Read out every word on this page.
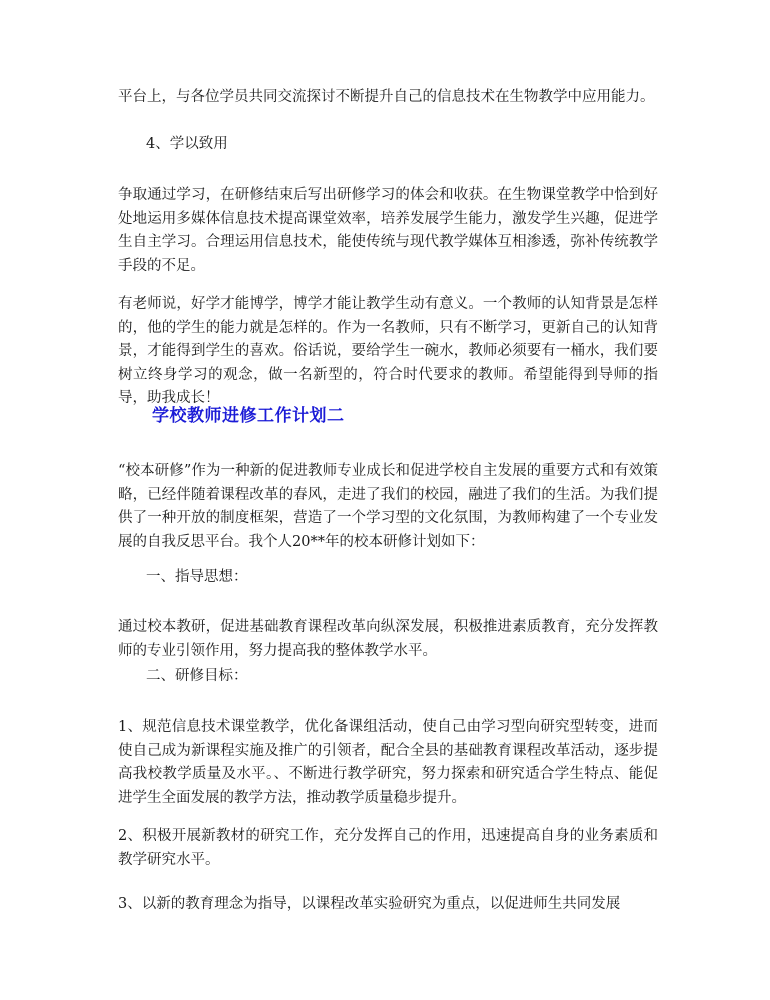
平台上，与各位学员共同交流探讨不断提升自己的信息技术在生物教学中应用能力。

4、学以致用

争取通过学习，在研修结束后写出研修学习的体会和收获。在生物课堂教学中恰到好处地运用多媒体信息技术提高课堂效率，培养发展学生能力，激发学生兴趣，促进学生自主学习。合理运用信息技术，能使传统与现代教学媒体互相渗透，弥补传统教学手段的不足。

有老师说，好学才能博学，博学才能让教学生动有意义。一个教师的认知背景是怎样的，他的学生的能力就是怎样的。作为一名教师，只有不断学习，更新自己的认知背景，才能得到学生的喜欢。俗话说，要给学生一碗水，教师必须要有一桶水，我们要树立终身学习的观念，做一名新型的，符合时代要求的教师。希望能得到导师的指导，助我成长！

学校教师进修工作计划二

“校本研修”作为一种新的促进教师专业成长和促进学校自主发展的重要方式和有效策略，已经伴随着课程改革的春风，走进了我们的校园，融进了我们的生活。为我们提供了一种开放的制度框架，营造了一个学习型的文化氛围，为教师构建了一个专业发展的自我反思平台。我个人20**年的校本研修计划如下：

一、指导思想：

通过校本教研，促进基础教育课程改革向纵深发展，积极推进素质教育，充分发挥教师的专业引领作用，努力提高我的整体教学水平。

二、研修目标：

1、规范信息技术课堂教学，优化备课组活动，使自己由学习型向研究型转变，进而使自己成为新课程实施及推广的引领者，配合全县的基础教育课程改革活动，逐步提高我校教学质量及水平。、不断进行教学研究，努力探索和研究适合学生特点、能促进学生全面发展的教学方法，推动教学质量稳步提升。

2、积极开展新教材的研究工作，充分发挥自己的作用，迅速提高自身的业务素质和教学研究水平。

3、以新的教育理念为指导，以课程改革实验研究为重点，以促进师生共同发展
